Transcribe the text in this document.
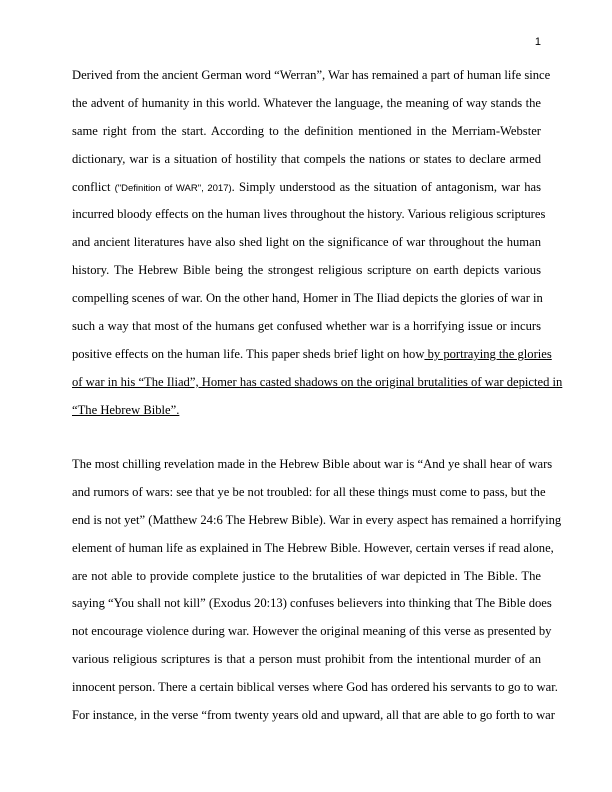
1
Derived from the ancient German word “Werran”, War has remained a part of human life since
the advent of humanity in this world. Whatever the language, the meaning of way stands the
same right from the start. According to the definition mentioned in the Merriam-Webster
dictionary, war is a situation of hostility that compels the nations or states to declare armed
conflict ("Definition of WAR", 2017). Simply understood as the situation of antagonism, war has
incurred bloody effects on the human lives throughout the history. Various religious scriptures
and ancient literatures have also shed light on the significance of war throughout the human
history. The Hebrew Bible being the strongest religious scripture on earth depicts various
compelling scenes of war. On the other hand, Homer in The Iliad depicts the glories of war in
such a way that most of the humans get confused whether war is a horrifying issue or incurs
positive effects on the human life. This paper sheds brief light on how by portraying the glories
of war in his “The Iliad”, Homer has casted shadows on the original brutalities of war depicted in
“The Hebrew Bible”.
The most chilling revelation made in the Hebrew Bible about war is “And ye shall hear of wars
and rumors of wars: see that ye be not troubled: for all these things must come to pass, but the
end is not yet” (Matthew 24:6 The Hebrew Bible). War in every aspect has remained a horrifying
element of human life as explained in The Hebrew Bible. However, certain verses if read alone,
are not able to provide complete justice to the brutalities of war depicted in The Bible. The
saying “You shall not kill” (Exodus 20:13) confuses believers into thinking that The Bible does
not encourage violence during war. However the original meaning of this verse as presented by
various religious scriptures is that a person must prohibit from the intentional murder of an
innocent person. There a certain biblical verses where God has ordered his servants to go to war.
For instance, in the verse “from twenty years old and upward, all that are able to go forth to war
